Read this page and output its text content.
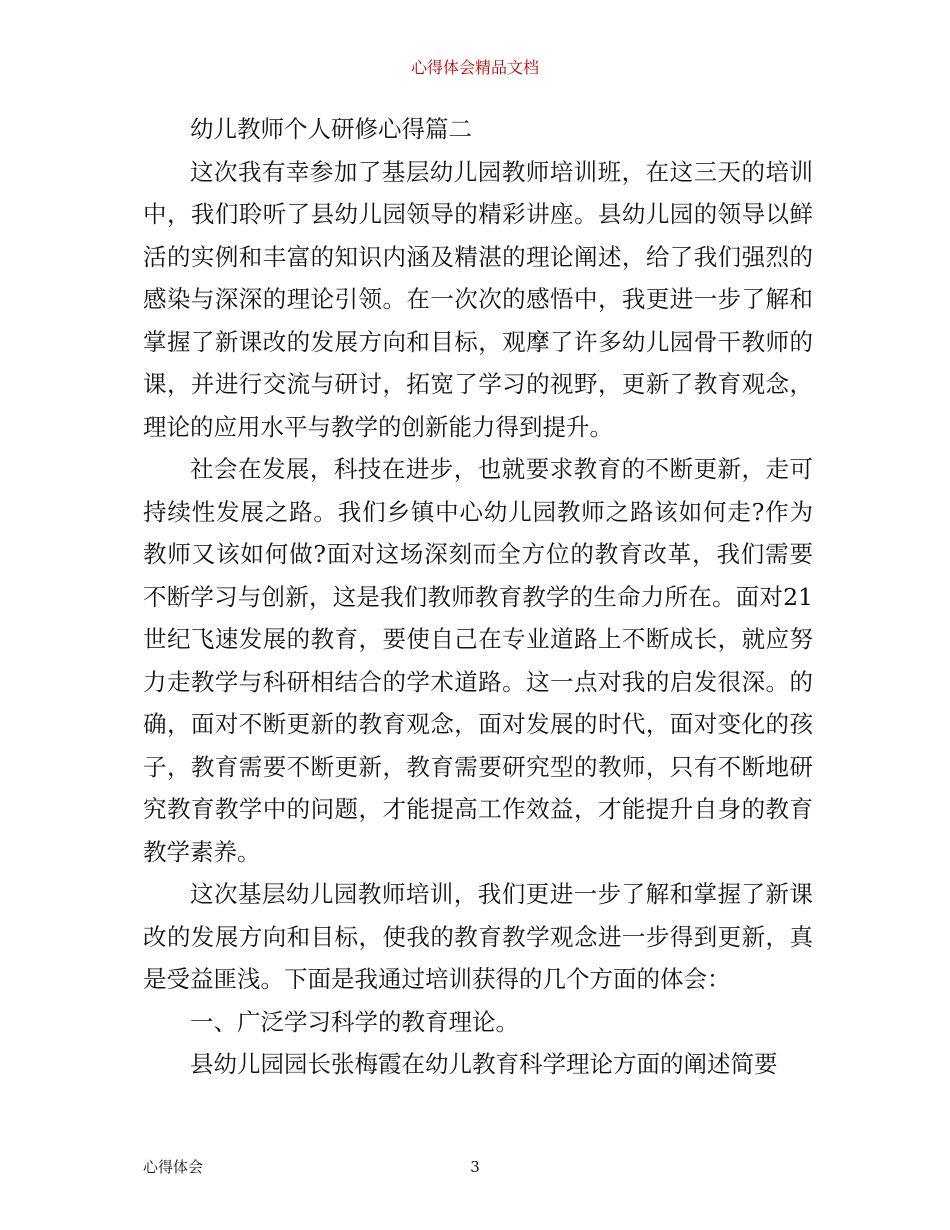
心得体会精品文档

幼儿教师个人研修心得篇二

这次我有幸参加了基层幼儿园教师培训班，在这三天的培训中，我们聆听了县幼儿园领导的精彩讲座。县幼儿园的领导以鲜活的实例和丰富的知识内涵及精湛的理论阐述，给了我们强烈的感染与深深的理论引领。在一次次的感悟中，我更进一步了解和掌握了新课改的发展方向和目标，观摩了许多幼儿园骨干教师的课，并进行交流与研讨，拓宽了学习的视野，更新了教育观念，理论的应用水平与教学的创新能力得到提升。

社会在发展，科技在进步，也就要求教育的不断更新，走可持续性发展之路。我们乡镇中心幼儿园教师之路该如何走?作为教师又该如何做?面对这场深刻而全方位的教育改革，我们需要不断学习与创新，这是我们教师教育教学的生命力所在。面对21世纪飞速发展的教育，要使自己在专业道路上不断成长，就应努力走教学与科研相结合的学术道路。这一点对我的启发很深。的确，面对不断更新的教育观念，面对发展的时代，面对变化的孩子，教育需要不断更新，教育需要研究型的教师，只有不断地研究教育教学中的问题，才能提高工作效益，才能提升自身的教育教学素养。

这次基层幼儿园教师培训，我们更进一步了解和掌握了新课改的发展方向和目标，使我的教育教学观念进一步得到更新，真是受益匪浅。下面是我通过培训获得的几个方面的体会：

一、广泛学习科学的教育理论。

县幼儿园园长张梅霞在幼儿教育科学理论方面的阐述简要

3
心得体会
